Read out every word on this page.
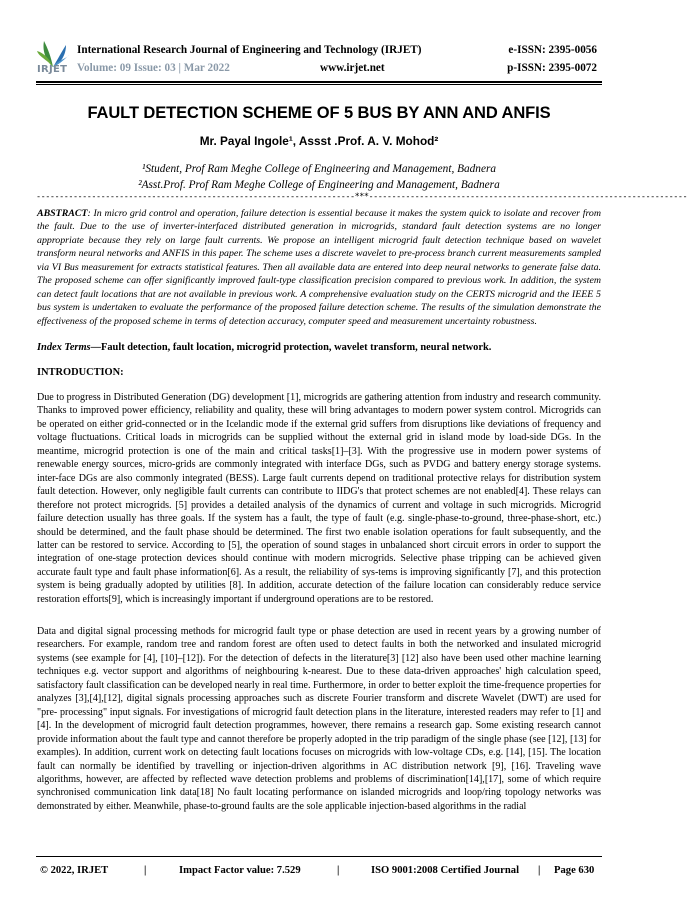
IRJET
International Research Journal of Engineering and Technology (IRJET)	e-ISSN: 2395-0056
Volume: 09 Issue: 03 | Mar 2022	www.irjet.net	p-ISSN: 2395-0072
FAULT DETECTION SCHEME OF 5 BUS BY ANN AND ANFIS
Mr. Payal Ingole¹, Assst .Prof. A. V. Mohod²
¹Student, Prof Ram Meghe College of Engineering and Management, Badnera
²Asst.Prof. Prof Ram Meghe College of Engineering and Management, Badnera
---------------------------------------------------------------------***---------------------------------------------------------------------
ABSTRACT: In micro grid control and operation, failure detection is essential because it makes the system quick to isolate and recover from the fault. Due to the use of inverter-interfaced distributed generation in microgrids, standard fault detection systems are no longer appropriate because they rely on large fault currents. We propose an intelligent microgrid fault detection technique based on wavelet transform neural networks and ANFIS in this paper. The scheme uses a discrete wavelet to pre-process branch current measurements sampled via VI Bus measurement for extracts statistical features. Then all available data are entered into deep neural networks to generate false data. The proposed scheme can offer significantly improved fault-type classification precision compared to previous work. In addition, the system can detect fault locations that are not available in previous work. A comprehensive evaluation study on the CERTS microgrid and the IEEE 5 bus system is undertaken to evaluate the performance of the proposed failure detection scheme. The results of the simulation demonstrate the effectiveness of the proposed scheme in terms of detection accuracy, computer speed and measurement uncertainty robustness.
Index Terms—Fault detection, fault location, microgrid protection, wavelet transform, neural network.
INTRODUCTION:
Due to progress in Distributed Generation (DG) development [1], microgrids are gathering attention from industry and research community. Thanks to improved power efficiency, reliability and quality, these will bring advantages to modern power system control. Microgrids can be operated on either grid-connected or in the Icelandic mode if the external grid suffers from disruptions like deviations of frequency and voltage fluctuations. Critical loads in microgrids can be supplied without the external grid in island mode by load-side DGs. In the meantime, microgrid protection is one of the main and critical tasks[1]–[3]. With the progressive use in modern power systems of renewable energy sources, micro-grids are commonly integrated with interface DGs, such as PVDG and battery energy storage systems. inter-face DGs are also commonly integrated (BESS). Large fault currents depend on traditional protective relays for distribution system fault detection. However, only negligible fault currents can contribute to IIDG's that protect schemes are not enabled[4]. These relays can therefore not protect microgrids. [5] provides a detailed analysis of the dynamics of current and voltage in such microgrids. Microgrid failure detection usually has three goals. If the system has a fault, the type of fault (e.g. single-phase-to-ground, three-phase-short, etc.) should be determined, and the fault phase should be determined. The first two enable isolation operations for fault subsequently, and the latter can be restored to service. According to [5], the operation of sound stages in unbalanced short circuit errors in order to support the integration of one-stage protection devices should continue with modern microgrids. Selective phase tripping can be achieved given accurate fault type and fault phase information[6]. As a result, the reliability of sys-tems is improving significantly [7], and this protection system is being gradually adopted by utilities [8]. In addition, accurate detection of the failure location can considerably reduce service restoration efforts[9], which is increasingly important if underground operations are to be restored.
Data and digital signal processing methods for microgrid fault type or phase detection are used in recent years by a growing number of researchers. For example, random tree and random forest are often used to detect faults in both the networked and insulated microgrid systems (see example for [4], [10]–[12]). For the detection of defects in the literature[3] [12] also have been used other machine learning techniques e.g. vector support and algorithms of neighbouring k-nearest. Due to these data-driven approaches' high calculation speed, satisfactory fault classification can be developed nearly in real time. Furthermore, in order to better exploit the time-frequence properties for analyzes [3],[4],[12], digital signals processing approaches such as discrete Fourier transform and discrete Wavelet (DWT) are used for "pre- processing" input signals. For investigations of microgrid fault detection plans in the literature, interested readers may refer to [1] and [4]. In the development of microgrid fault detection programmes, however, there remains a research gap. Some existing research cannot provide information about the fault type and cannot therefore be properly adopted in the trip paradigm of the single phase (see [12], [13] for examples). In addition, current work on detecting fault locations focuses on microgrids with low-voltage CDs, e.g. [14], [15]. The location fault can normally be identified by travelling or injection-driven algorithms in AC distribution network [9], [16]. Traveling wave algorithms, however, are affected by reflected wave detection problems and problems of discrimination[14],[17], some of which require synchronised communication link data[18] No fault locating performance on islanded microgrids and loop/ring topology networks was demonstrated by either. Meanwhile, phase-to-ground faults are the sole applicable injection-based algorithms in the radial
© 2022, IRJET	|	Impact Factor value: 7.529	|	ISO 9001:2008 Certified Journal | Page 630
